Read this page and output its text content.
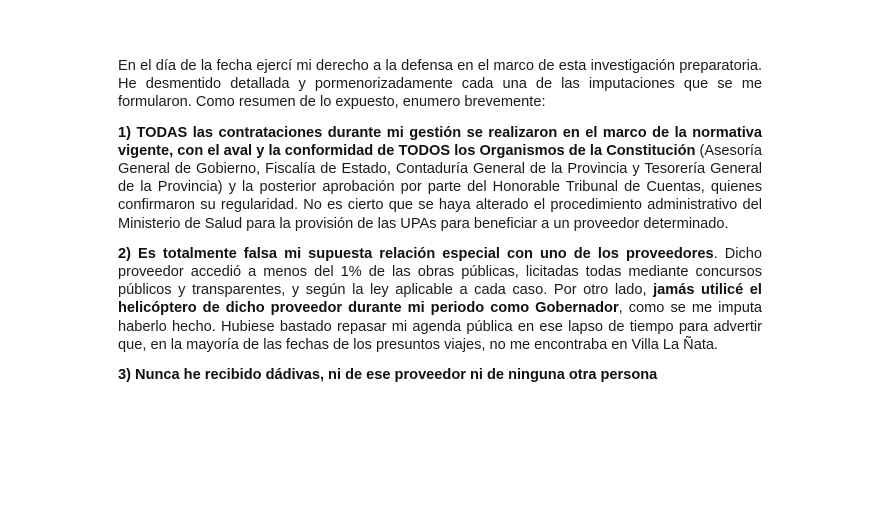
En el día de la fecha ejercí mi derecho a la defensa en el marco de esta investigación preparatoria. He desmentido detallada y pormenorizadamente cada una de las imputaciones que se me formularon. Como resumen de lo expuesto, enumero brevemente:

1) TODAS las contrataciones durante mi gestión se realizaron en el marco de la normativa vigente, con el aval y la conformidad de TODOS los Organismos de la Constitución (Asesoría General de Gobierno, Fiscalía de Estado, Contaduría General de la Provincia y Tesorería General de la Provincia) y la posterior aprobación por parte del Honorable Tribunal de Cuentas, quienes confirmaron su regularidad. No es cierto que se haya alterado el procedimiento administrativo del Ministerio de Salud para la provisión de las UPAs para beneficiar a un proveedor determinado.

2) Es totalmente falsa mi supuesta relación especial con uno de los proveedores. Dicho proveedor accedió a menos del 1% de las obras públicas, licitadas todas mediante concursos públicos y transparentes, y según la ley aplicable a cada caso. Por otro lado, jamás utilicé el helicóptero de dicho proveedor durante mi periodo como Gobernador, como se me imputa haberlo hecho. Hubiese bastado repasar mi agenda pública en ese lapso de tiempo para advertir que, en la mayoría de las fechas de los presuntos viajes, no me encontraba en Villa La Ñata.

3) Nunca he recibido dádivas, ni de ese proveedor ni de ninguna otra persona
